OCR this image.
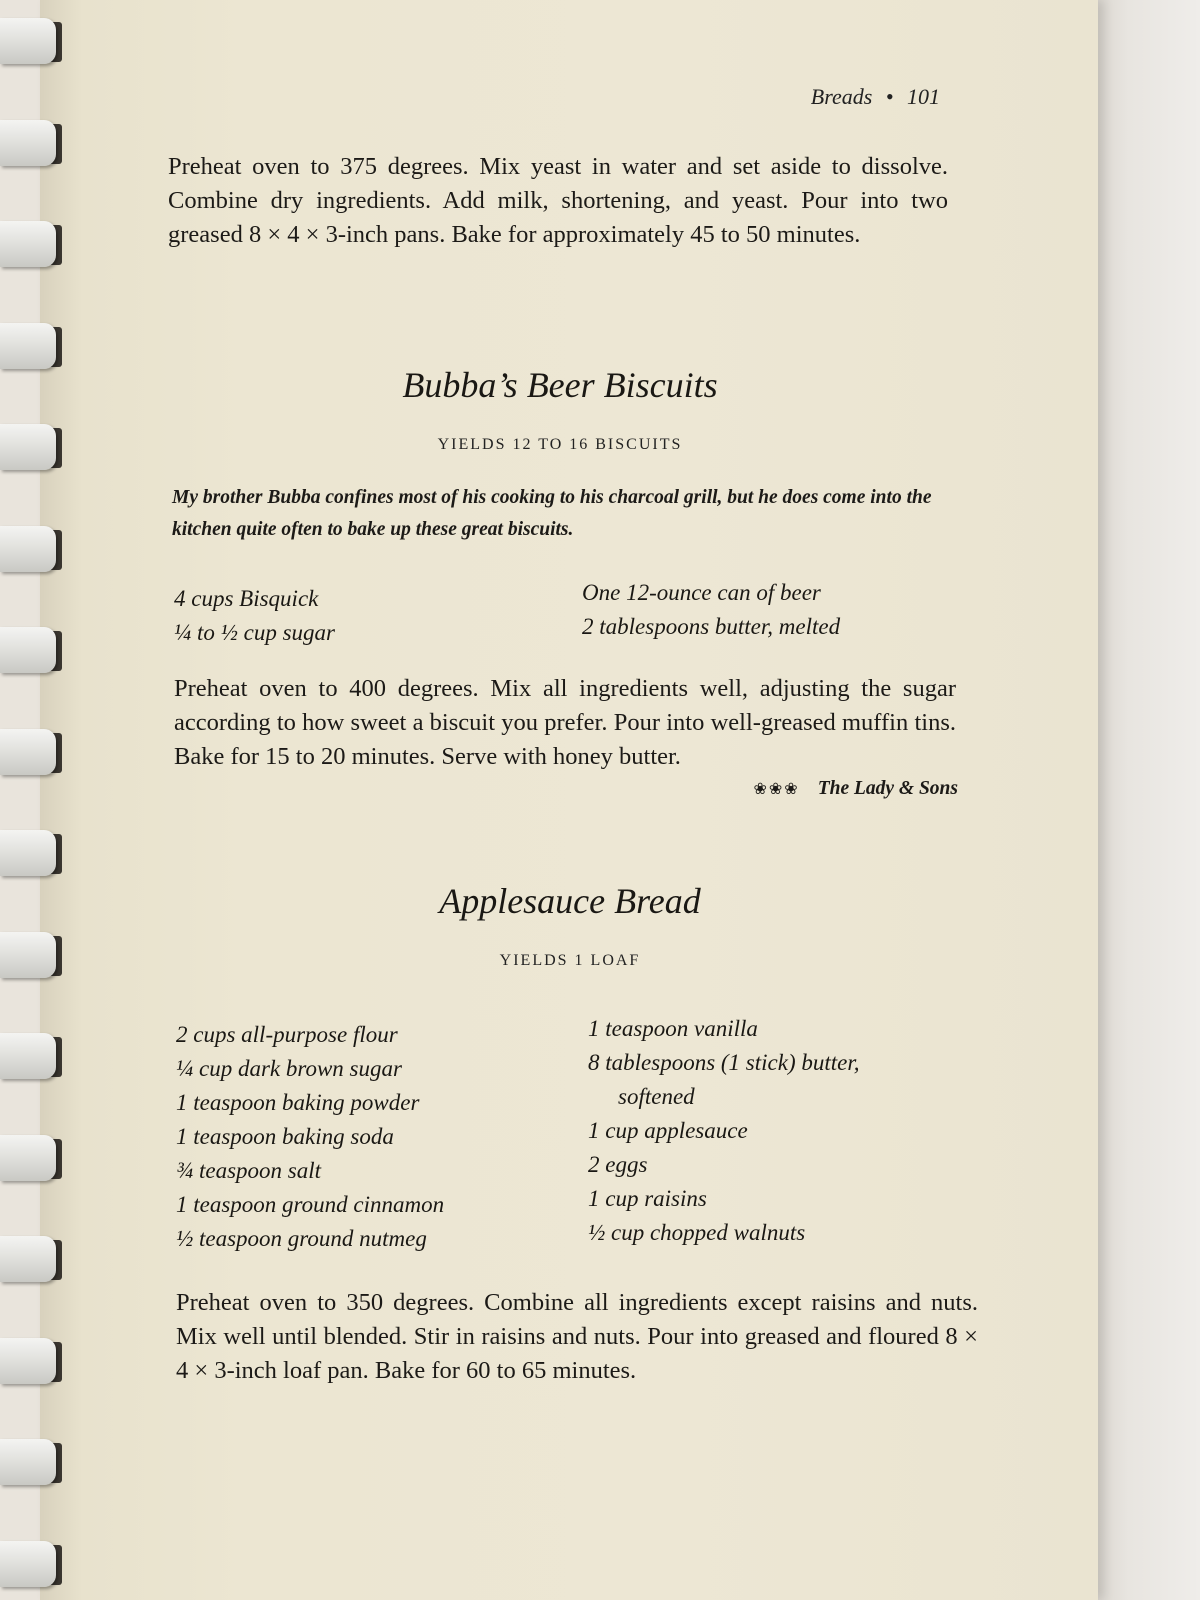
Breads • 101
Preheat oven to 375 degrees. Mix yeast in water and set aside to dissolve. Combine dry ingredients. Add milk, shortening, and yeast. Pour into two greased 8 × 4 × 3-inch pans. Bake for approximately 45 to 50 minutes.
Bubba’s Beer Biscuits
YIELDS 12 TO 16 BISCUITS
My brother Bubba confines most of his cooking to his charcoal grill, but he does come into the kitchen quite often to bake up these great biscuits.
4 cups Bisquick
¼ to ½ cup sugar
One 12-ounce can of beer
2 tablespoons butter, melted
Preheat oven to 400 degrees. Mix all ingredients well, adjusting the sugar according to how sweet a biscuit you prefer. Pour into well-greased muffin tins. Bake for 15 to 20 minutes. Serve with honey butter.
❀❀❀ The Lady & Sons
Applesauce Bread
YIELDS 1 LOAF
2 cups all-purpose flour
¼ cup dark brown sugar
1 teaspoon baking powder
1 teaspoon baking soda
¾ teaspoon salt
1 teaspoon ground cinnamon
½ teaspoon ground nutmeg
1 teaspoon vanilla
8 tablespoons (1 stick) butter,
softened
1 cup applesauce
2 eggs
1 cup raisins
½ cup chopped walnuts
Preheat oven to 350 degrees. Combine all ingredients except raisins and nuts. Mix well until blended. Stir in raisins and nuts. Pour into greased and floured 8 × 4 × 3-inch loaf pan. Bake for 60 to 65 minutes.
